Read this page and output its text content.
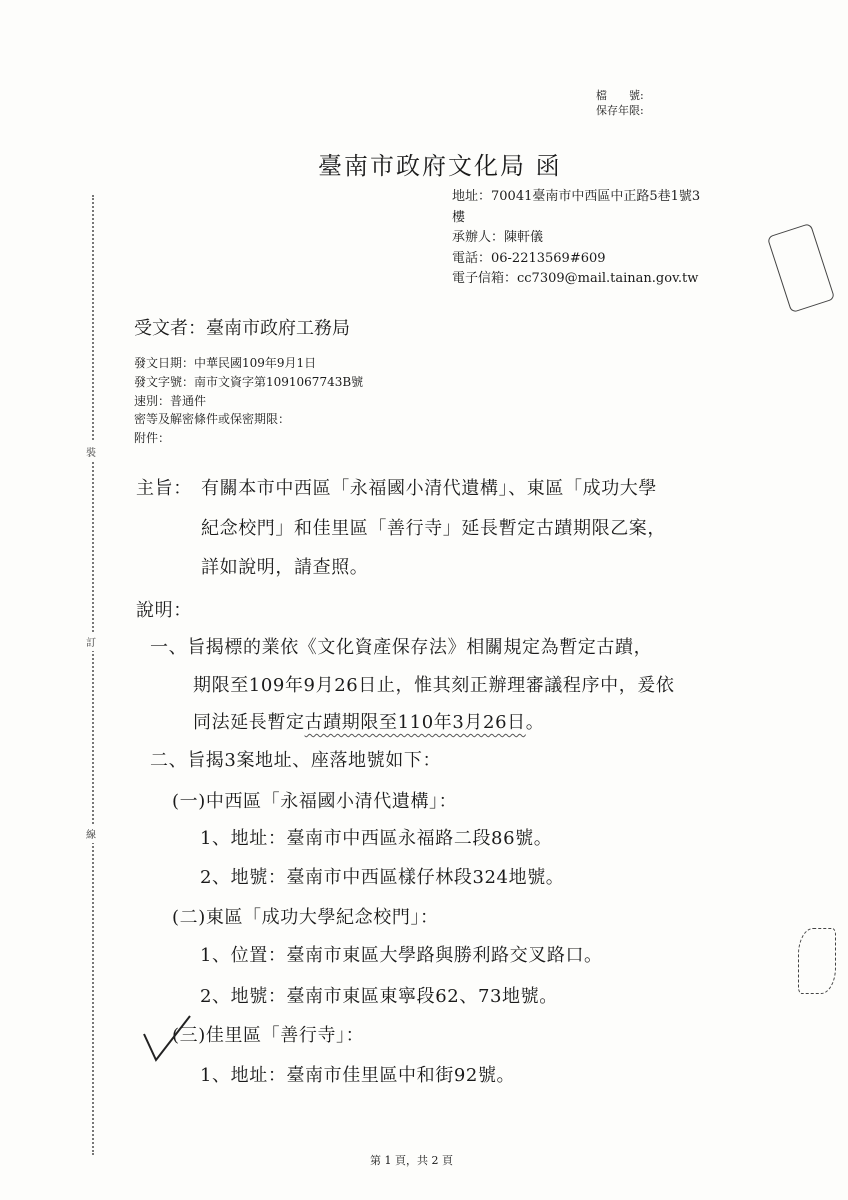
裝
訂
線
檔　　號:
保存年限:
臺南市政府文化局 函
地址：70041臺南市中西區中正路5巷1號3
樓
承辦人：陳軒儀
電話：06-2213569#609
電子信箱：cc7309@mail.tainan.gov.tw
受文者：臺南市政府工務局
發文日期：中華民國109年9月1日
發文字號：南市文資字第1091067743B號
速別：普通件
密等及解密條件或保密期限：
附件：
主旨： 有關本市中西區「永福國小清代遺構」、東區「成功大學
紀念校門」和佳里區「善行寺」延長暫定古蹟期限乙案，
詳如說明，請查照。
說明：
一、旨揭標的業依《文化資產保存法》相關規定為暫定古蹟，
期限至109年9月26日止，惟其刻正辦理審議程序中，爰依
同法延長暫定古蹟期限至110年3月26日。
二、旨揭3案地址、座落地號如下：
(一)中西區「永福國小清代遺構」：
1、地址：臺南市中西區永福路二段86號。
2、地號：臺南市中西區樣仔林段324地號。
(二)東區「成功大學紀念校門」：
1、位置：臺南市東區大學路與勝利路交叉路口。
2、地號：臺南市東區東寧段62、73地號。
(三)佳里區「善行寺」：
1、地址：臺南市佳里區中和街92號。
第 1 頁，共 2 頁
